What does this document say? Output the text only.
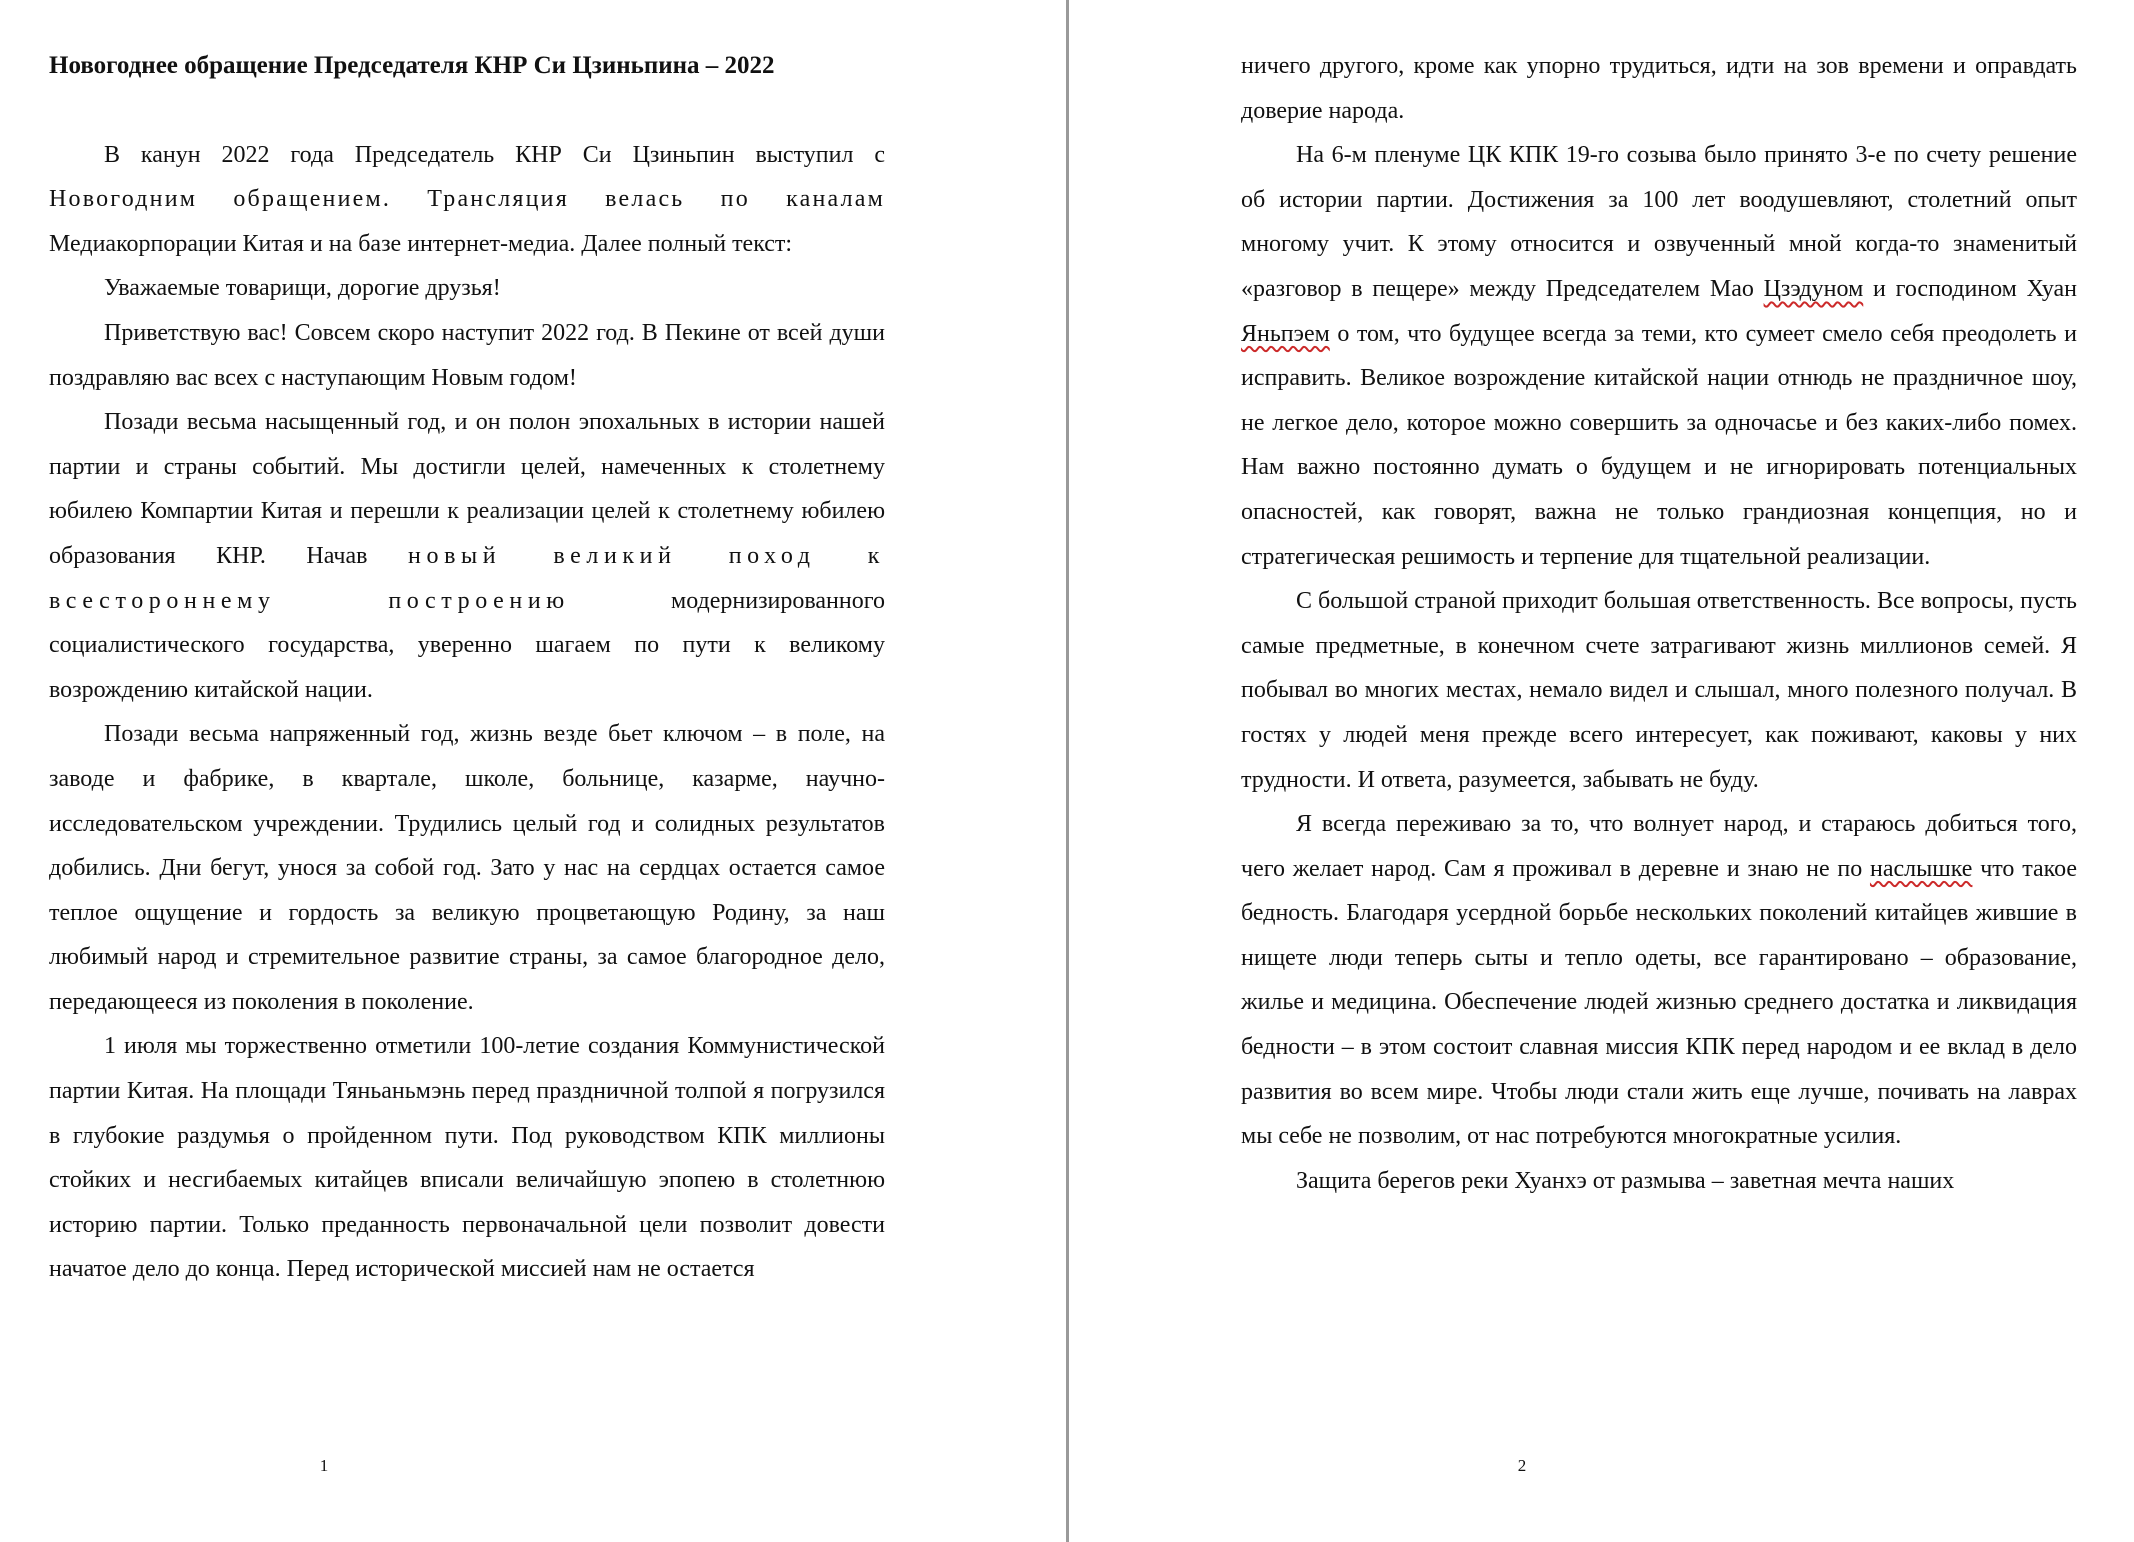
Новогоднее обращение Председателя КНР Си Цзиньпина – 2022

В канун 2022 года Председатель КНР Си Цзиньпин выступил с Новогодним обращением. Трансляция велась по каналам Медиакорпорации Китая и на базе интернет-медиа. Далее полный текст:

Уважаемые товарищи, дорогие друзья!

Приветствую вас! Совсем скоро наступит 2022 год. В Пекине от всей души поздравляю вас всех с наступающим Новым годом!

Позади весьма насыщенный год, и он полон эпохальных в истории нашей партии и страны событий. Мы достигли целей, намеченных к столетнему юбилею Компартии Китая и перешли к реализации целей к столетнему юбилею образования КНР. Начав новый великий поход к всестороннему построению	модернизированного социалистического государства, уверенно шагаем по пути к великому возрождению китайской нации.

Позади весьма напряженный год, жизнь везде бьет ключом – в поле, на заводе и фабрике, в квартале, школе, больнице, казарме, научно-исследовательском учреждении. Трудились целый год и солидных результатов добились. Дни бегут, унося за собой год. Зато у нас на сердцах остается самое теплое ощущение и гордость за великую процветающую Родину, за наш любимый народ и стремительное развитие страны, за самое благородное дело, передающееся из поколения в поколение.

1 июля мы торжественно отметили 100-летие создания Коммунистической партии Китая. На площади Тяньаньмэнь перед праздничной толпой я погрузился в глубокие раздумья о пройденном пути. Под руководством КПК миллионы стойких и несгибаемых китайцев вписали величайшую эпопею в столетнюю историю партии. Только преданность первоначальной цели позволит довести начатое дело до конца. Перед исторической миссией нам не остается

1

ничего другого, кроме как упорно трудиться, идти на зов времени и оправдать доверие народа.

На 6-м пленуме ЦК КПК 19-го созыва было принято 3-е по счету решение об истории партии. Достижения за 100 лет воодушевляют, столетний опыт многому учит. К этому относится и озвученный мной когда-то знаменитый «разговор в пещере» между Председателем Мао Цзэдуном и господином Хуан Яньпэем о том, что будущее всегда за теми, кто сумеет смело себя преодолеть и исправить. Великое возрождение китайской нации отнюдь не праздничное шоу, не легкое дело, которое можно совершить за одночасье и без каких-либо помех. Нам важно постоянно думать о будущем и не игнорировать потенциальных опасностей, как говорят, важна не только грандиозная концепция, но и стратегическая решимость и терпение для тщательной реализации.

С большой страной приходит большая ответственность. Все вопросы, пусть самые предметные, в конечном счете затрагивают жизнь миллионов семей. Я побывал во многих местах, немало видел и слышал, много полезного получал. В гостях у людей меня прежде всего интересует, как поживают, каковы у них трудности. И ответа, разумеется, забывать не буду.

Я всегда переживаю за то, что волнует народ, и стараюсь добиться того, чего желает народ. Сам я проживал в деревне и знаю не по наслышке что такое бедность. Благодаря усердной борьбе нескольких поколений китайцев жившие в нищете люди теперь сыты и тепло одеты, все гарантировано – образование, жилье и медицина. Обеспечение людей жизнью среднего достатка и ликвидация бедности – в этом состоит славная миссия КПК перед народом и ее вклад в дело развития во всем мире. Чтобы люди стали жить еще лучше, почивать на лаврах мы себе не позволим, от нас потребуются многократные усилия.

Защита берегов реки Хуанхэ от размыва – заветная мечта наших

2
